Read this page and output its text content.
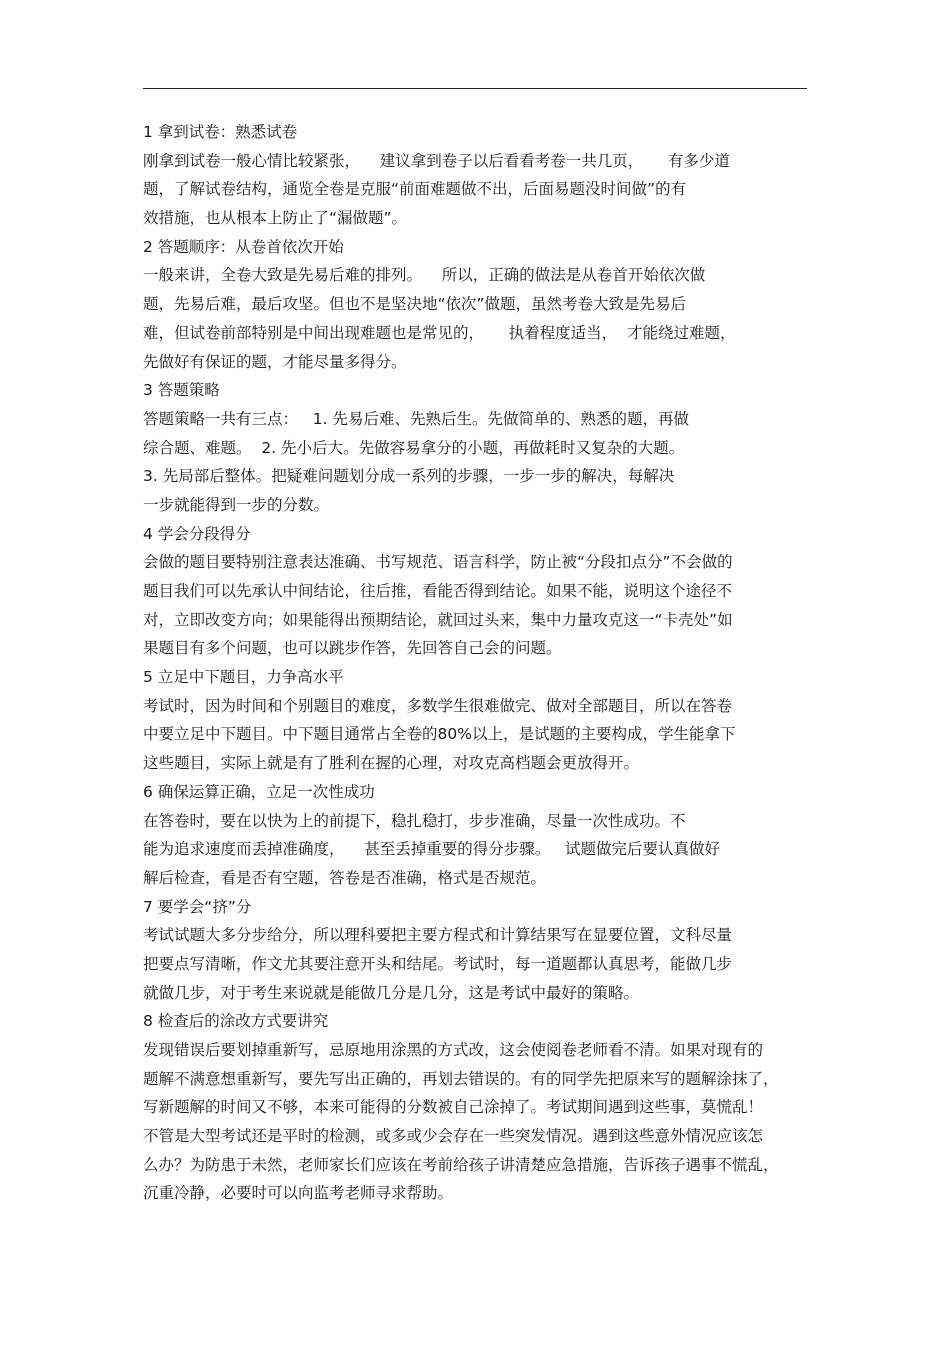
1 拿到试卷：熟悉试卷
刚拿到试卷一般心情比较紧张，    建议拿到卷子以后看看考卷一共几页，     有多少道
题，了解试卷结构，通览全卷是克服“前面难题做不出，后面易题没时间做”的有
效措施，也从根本上防止了“漏做题”。
2 答题顺序：从卷首依次开始
一般来讲，全卷大致是先易后难的排列。    所以，正确的做法是从卷首开始依次做
题，先易后难，最后攻坚。但也不是坚决地“依次”做题，虽然考卷大致是先易后
难，但试卷前部特别是中间出现难题也是常见的，     执着程度适当，  才能绕过难题，
先做好有保证的题，才能尽量多得分。
3 答题策略
答题策略一共有三点：   1. 先易后难、先熟后生。先做简单的、熟悉的题，再做
综合题、难题。  2. 先小后大。先做容易拿分的小题，再做耗时又复杂的大题。
3. 先局部后整体。把疑难问题划分成一系列的步骤，一步一步的解决，每解决
一步就能得到一步的分数。
4 学会分段得分
会做的题目要特别注意表达准确、书写规范、语言科学，防止被“分段扣点分”不会做的
题目我们可以先承认中间结论，往后推，看能否得到结论。如果不能，说明这个途径不
对，立即改变方向；如果能得出预期结论，就回过头来，集中力量攻克这一“卡壳处”如
果题目有多个问题，也可以跳步作答，先回答自己会的问题。
5 立足中下题目，力争高水平
考试时，因为时间和个别题目的难度，多数学生很难做完、做对全部题目，所以在答卷
中要立足中下题目。中下题目通常占全卷的80%以上，是试题的主要构成，学生能拿下
这些题目，实际上就是有了胜利在握的心理，对攻克高档题会更放得开。
6 确保运算正确，立足一次性成功
在答卷时，要在以快为上的前提下，稳扎稳打，步步准确，尽量一次性成功。不
能为追求速度而丢掉准确度，    甚至丢掉重要的得分步骤。   试题做完后要认真做好
解后检查，看是否有空题，答卷是否准确，格式是否规范。
7 要学会“挤”分
考试试题大多分步给分，所以理科要把主要方程式和计算结果写在显要位置，文科尽量
把要点写清晰，作文尤其要注意开头和结尾。考试时，每一道题都认真思考，能做几步
就做几步，对于考生来说就是能做几分是几分，这是考试中最好的策略。
8 检查后的涂改方式要讲究
发现错误后要划掉重新写，忌原地用涂黑的方式改，这会使阅卷老师看不清。如果对现有的
题解不满意想重新写，要先写出正确的，再划去错误的。有的同学先把原来写的题解涂抹了，
写新题解的时间又不够，本来可能得的分数被自己涂掉了。考试期间遇到这些事，莫慌乱！
不管是大型考试还是平时的检测，或多或少会存在一些突发情况。遇到这些意外情况应该怎
么办？为防患于未然，老师家长们应该在考前给孩子讲清楚应急措施，告诉孩子遇事不慌乱，
沉重冷静，必要时可以向监考老师寻求帮助。
